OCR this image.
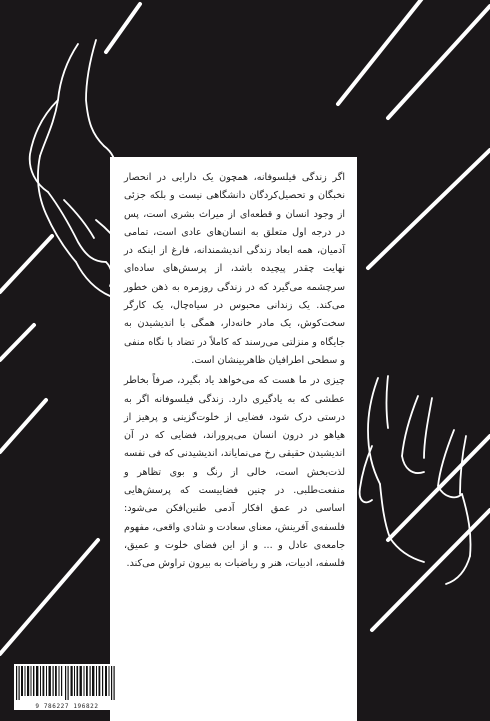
اگر زندگی فیلسوفانه، همچون یک دارایی در انحصار نخبگان و تحصیل‌کردگان دانشگاهی نیست و بلکه جزئی از وجود انسان و قطعه‌ای از میراث بشری است، پس در درجه اول متعلق به انسان‌های عادی است، تمامی آدمیان، همه ابعاد زندگی اندیشمندانه، فارغ از اینکه در نهایت چقدر پیچیده باشد، از پرسش‌های ساده‌ای سرچشمه می‌گیرد که در زندگی روزمره به ذهن خطور می‌کند. یک زندانی محبوس در سیاه‌چال، یک کارگر سخت‌کوش، یک مادر خانه‌دار، همگی با اندیشیدن به جایگاه و منزلتی می‌رسند که کاملاً در تضاد با نگاه منفی و سطحی اطرافیان ظاهربینشان است.

چیزی در ما هست که می‌خواهد یاد بگیرد، صرفاً بخاطر عطشی که به یادگیری دارد. زندگی فیلسوفانه اگر به درستی درک شود، فضایی از خلوت‌گزینی و پرهیز از هیاهو در درون انسان می‌پروراند، فضایی که در آن اندیشیدن حقیقی رخ می‌نمایاند، اندیشیدنی که فی نفسه لذت‌بخش است، خالی از رنگ و بوی تظاهر و منفعت‌طلبی. در چنین فضاییست که پرسش‌هایی اساسی در عمق افکار آدمی طنین‌افکن می‌شود: فلسفه‌ی آفرینش، معنای سعادت و شادی واقعی، مفهوم جامعه‌ی عادل و ... و از این فضای خلوت و عمیق، فلسفه، ادبیات، هنر و ریاضیات به بیرون تراوش می‌کند.

9 786227 196822
